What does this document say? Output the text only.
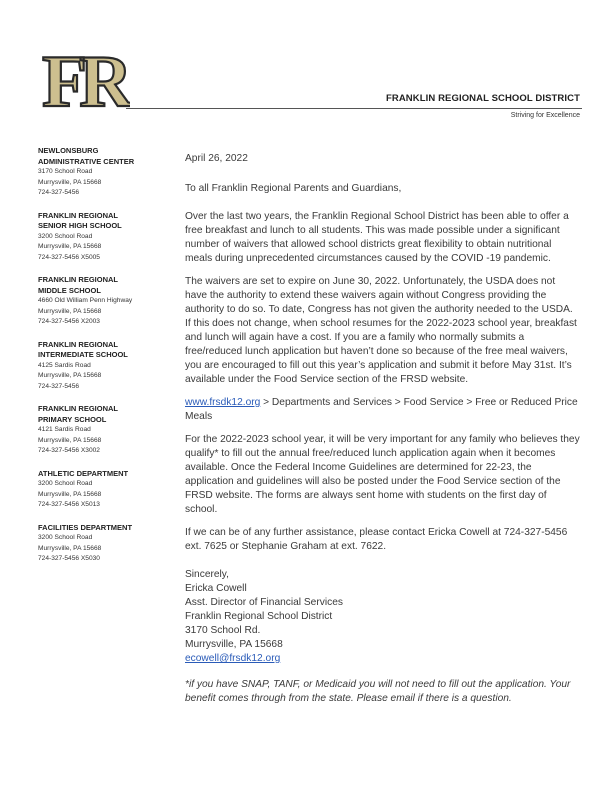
FR	FRANKLIN REGIONAL SCHOOL DISTRICT
Striving for Excellence
NEWLONSBURG
ADMINISTRATIVE CENTER
3170 School Road
Murrysville, PA 15668
724-327-5456
FRANKLIN REGIONAL
SENIOR HIGH SCHOOL
3200 School Road
Murrysville, PA 15668
724-327-5456 X5005
FRANKLIN REGIONAL
MIDDLE SCHOOL
4660 Old William Penn Highway
Murrysville, PA 15668
724-327-5456 X2003
FRANKLIN REGIONAL
INTERMEDIATE SCHOOL
4125 Sardis Road
Murrysville, PA 15668
724-327-5456
FRANKLIN REGIONAL
PRIMARY SCHOOL
4121 Sardis Road
Murrysville, PA 15668
724-327-5456 X3002
ATHLETIC DEPARTMENT
3200 School Road
Murrysville, PA 15668
724-327-5456 X5013
FACILITIES DEPARTMENT
3200 School Road
Murrysville, PA 15668
724-327-5456 X5030

April 26, 2022

To all Franklin Regional Parents and Guardians,

Over the last two years, the Franklin Regional School District has been able to offer a free breakfast and lunch to all students. This was made possible under a significant number of waivers that allowed school districts great flexibility to obtain nutritional meals during unprecedented circumstances caused by the COVID -19 pandemic.

The waivers are set to expire on June 30, 2022. Unfortunately, the USDA does not have the authority to extend these waivers again without Congress providing the authority to do so. To date, Congress has not given the authority needed to the USDA. If this does not change, when school resumes for the 2022-2023 school year, breakfast and lunch will again have a cost. If you are a family who normally submits a free/reduced lunch application but haven’t done so because of the free meal waivers, you are encouraged to fill out this year’s application and submit it before May 31st. It’s available under the Food Service section of the FRSD website.

www.frsdk12.org > Departments and Services > Food Service > Free or Reduced Price Meals

For the 2022-2023 school year, it will be very important for any family who believes they qualify* to fill out the annual free/reduced lunch application again when it becomes available. Once the Federal Income Guidelines are determined for 22-23, the application and guidelines will also be posted under the Food Service section of the FRSD website. The forms are always sent home with students on the first day of school.

If we can be of any further assistance, please contact Ericka Cowell at 724-327-5456 ext. 7625 or Stephanie Graham at ext. 7622.

Sincerely,

Ericka Cowell

Asst. Director of Financial Services

Franklin Regional School District

3170 School Rd.

Murrysville, PA 15668

ecowell@frsdk12.org

*if you have SNAP, TANF, or Medicaid you will not need to fill out the application. Your benefit comes through from the state. Please email if there is a question.
